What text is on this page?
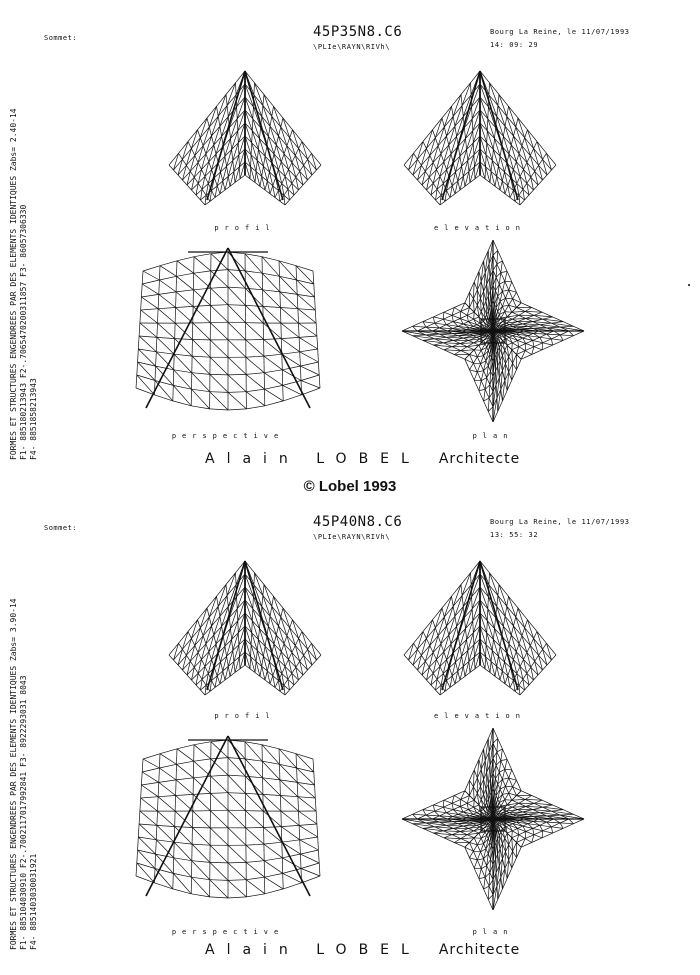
FORMES ET STRUCTURES ENGENDREES PAR DES ELEMENTS IDENTIQUES Zabs= 2.40-14 F1- 885180213943 F2-.7065470200311857 F3- 86057306330 F4- 8851858213943
Sommet:	45P35N8.C6
\PLIe\RAYN\RIVh\
Bourg La Reine, le 11/07/1993
14: 09: 29
profil	elevation
perspective	plan
Alain LOBEL Architecte
© Lobel 1993
FORMES ET STRUCTURES ENGENDREES PAR DES ELEMENTS IDENTIQUES Zabs= 3.90-14 F1- 885104030910 F2-.7002117017992841 F3- 8922293031 8043 F4- 8851403030031921
Sommet:	45P40N8.C6
\PLIe\RAYN\RIVh\
Bourg La Reine, le 11/07/1993
13: 55: 32
profil	elevation
perspective	plan
Alain LOBEL Architecte
